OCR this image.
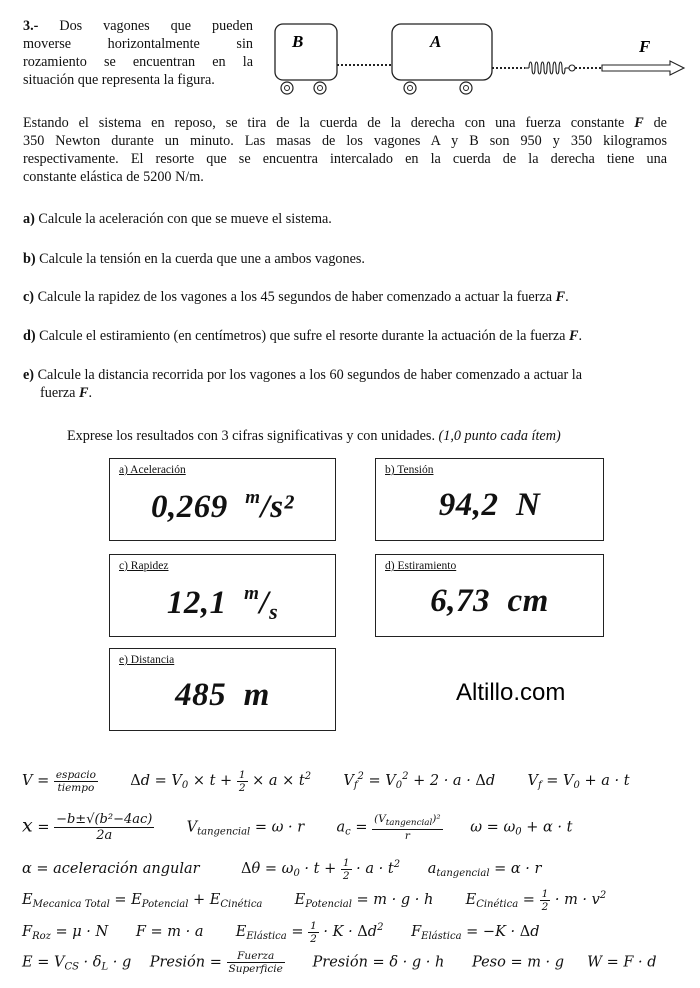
3.- Dos vagones que pueden
moverse horizontalmente sin
rozamiento se encuentran en la
situación que representa la figura.
B	A	F
Estando el sistema en reposo, se tira de la cuerda de la derecha con una fuerza constante F de
350 Newton durante un minuto. Las masas de los vagones A y B son 950 y 350 kilogramos
respectivamente. El resorte que se encuentra intercalado en la cuerda de la derecha tiene una
constante elástica de 5200 N/m.
a) Calcule la aceleración con que se mueve el sistema.
b) Calcule la tensión en la cuerda que une a ambos vagones.
c) Calcule la rapidez de los vagones a los 45 segundos de haber comenzado a actuar la fuerza F.
d) Calcule el estiramiento (en centímetros) que sufre el resorte durante la actuación de la fuerza F.
e) Calcule la distancia recorrida por los vagones a los 60 segundos de haber comenzado a actuar la
fuerza F.
Exprese los resultados con 3 cifras significativas y con unidades. (1,0 punto cada ítem)
a) Aceleración
0,269 $^m$/s²
b) Tensión
94,2 N
c) Rapidez
12,1 $^m/_s$
d) Estiramiento
6,73 cm
e) Distancia
485 m	Altillo.com
$V = \frac{\text{espacio}}{\text{tiempo}}$ $\Delta d = V_0 \times t + \frac{1}{2} \times a \times t^2$       $V_f^2 = V_0^2 + 2 \cdot a \cdot \Delta d$       $V_f = V_0 + a \cdot t$
$x = \frac{\text{−b±√(b²−4ac)}}{2a} V_{tangencial} = \omega \cdot r$       $a_c = \frac{(V_{tangencial})^2}{r}$ $\omega = \omega_0 + \alpha \cdot t$
α = aceleración angular         $\Delta\theta = \omega_0 \cdot t + \frac{1}{2} \cdot a \cdot t^2$      $a_{tangencial} = \alpha \cdot r$
$E_{Mecanica Total} = E_{Potencial} + E_{Cinética}$       $E_{Potencial} = m \cdot g \cdot h$       $E_{Cinética} = \frac{1}{2} \cdot m \cdot v^2$
$F_{Roz} = \mu \cdot N$      F = m · a       $E_{Elástica} = \frac{1}{2} \cdot K \cdot \Delta d^2$      $F_{Elástica} = -K \cdot \Delta d$
$E = V_{CS} \cdot \delta_L \cdot g$    Presión = $\frac{\text{Fuerza}}{\text{Superficie}}$ Presión = δ · g · h      Peso = m · g     W = F · d
